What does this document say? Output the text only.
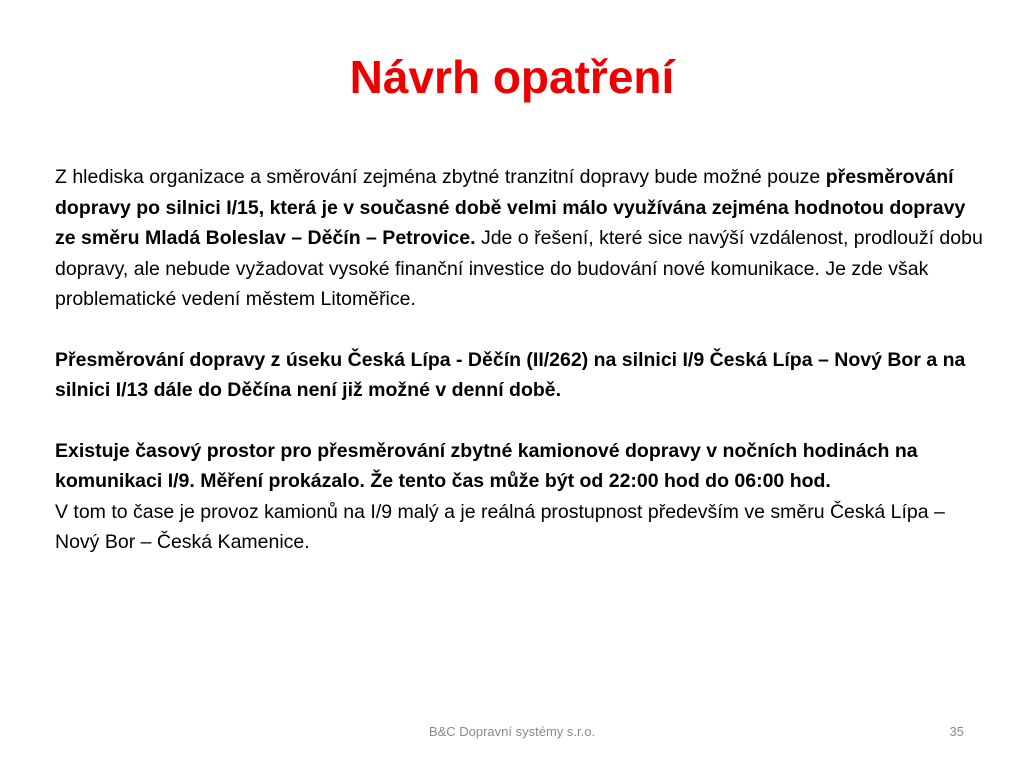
Návrh opatření

Z hlediska organizace a směrování zejména zbytné tranzitní dopravy bude možné pouze přesměrování dopravy po silnici I/15, která je v současné době velmi málo využívána zejména hodnotou dopravy ze směru Mladá Boleslav – Děčín – Petrovice. Jde o řešení, které sice navýší vzdálenost, prodlouží dobu dopravy, ale nebude vyžadovat vysoké finanční investice do budování nové komunikace. Je zde však problematické vedení městem Litoměřice.

Přesměrování dopravy z úseku Česká Lípa - Děčín (II/262) na silnici I/9 Česká Lípa – Nový Bor a na silnici I/13 dále do Děčína není již možné v denní době.

Existuje časový prostor pro přesměrování zbytné kamionové dopravy v nočních hodinách na komunikaci I/9. Měření prokázalo. Že tento čas může být od 22:00 hod do 06:00 hod.

V tom to čase je provoz kamionů na I/9 malý a je reálná prostupnost především ve směru Česká Lípa – Nový Bor – Česká Kamenice.

B&C Dopravní systémy s.r.o.	35
